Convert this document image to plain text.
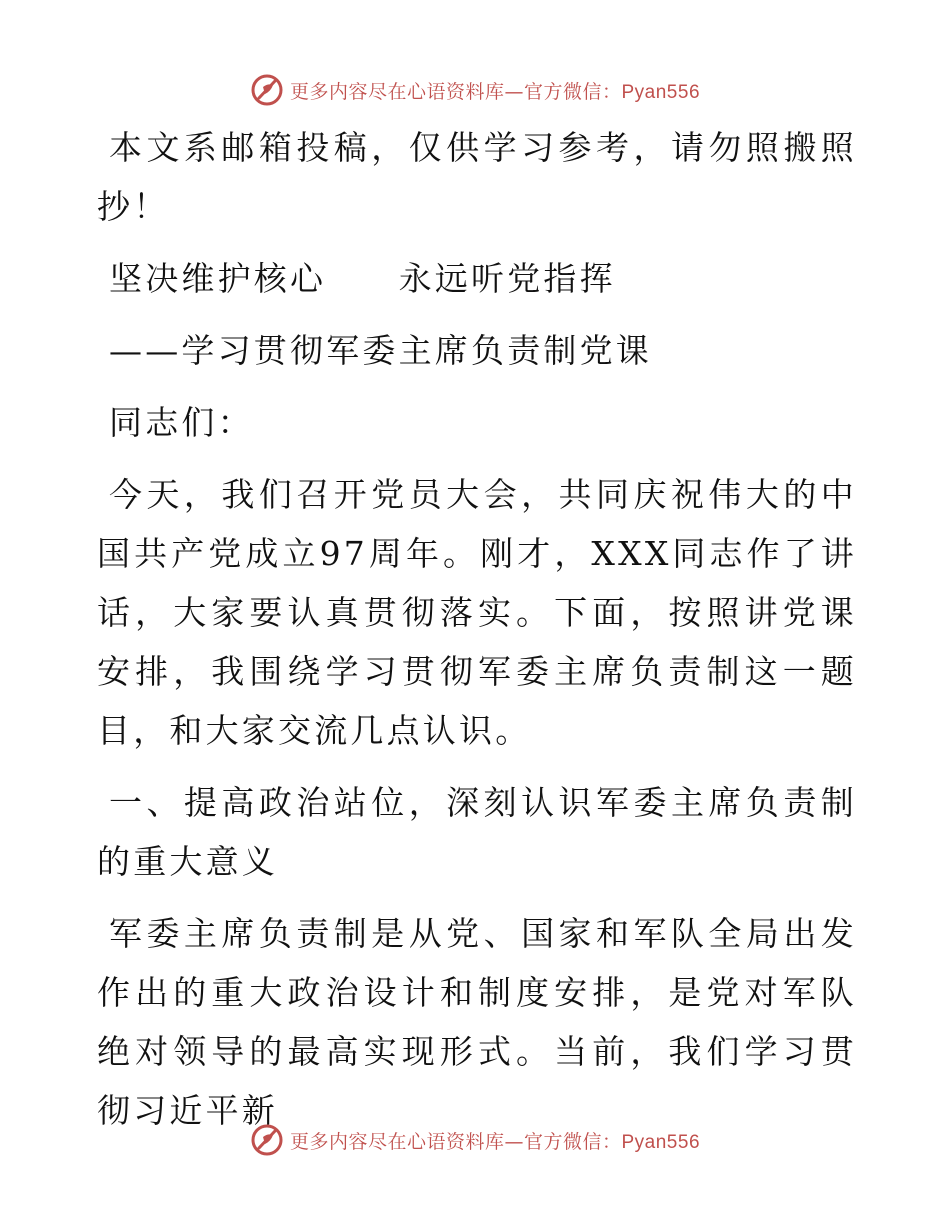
更多内容尽在心语资料库—官方微信：Pyan556

本文系邮箱投稿，仅供学习参考，请勿照搬照抄！

坚决维护核心　　永远听党指挥

——学习贯彻军委主席负责制党课

同志们：

今天，我们召开党员大会，共同庆祝伟大的中国共产党成立97周年。刚才，XXX同志作了讲话，大家要认真贯彻落实。下面，按照讲党课安排，我围绕学习贯彻军委主席负责制这一题目，和大家交流几点认识。

一、提高政治站位，深刻认识军委主席负责制的重大意义

军委主席负责制是从党、国家和军队全局出发作出的重大政治设计和制度安排，是党对军队绝对领导的最高实现形式。当前，我们学习贯彻习近平新

更多内容尽在心语资料库—官方微信：Pyan556
